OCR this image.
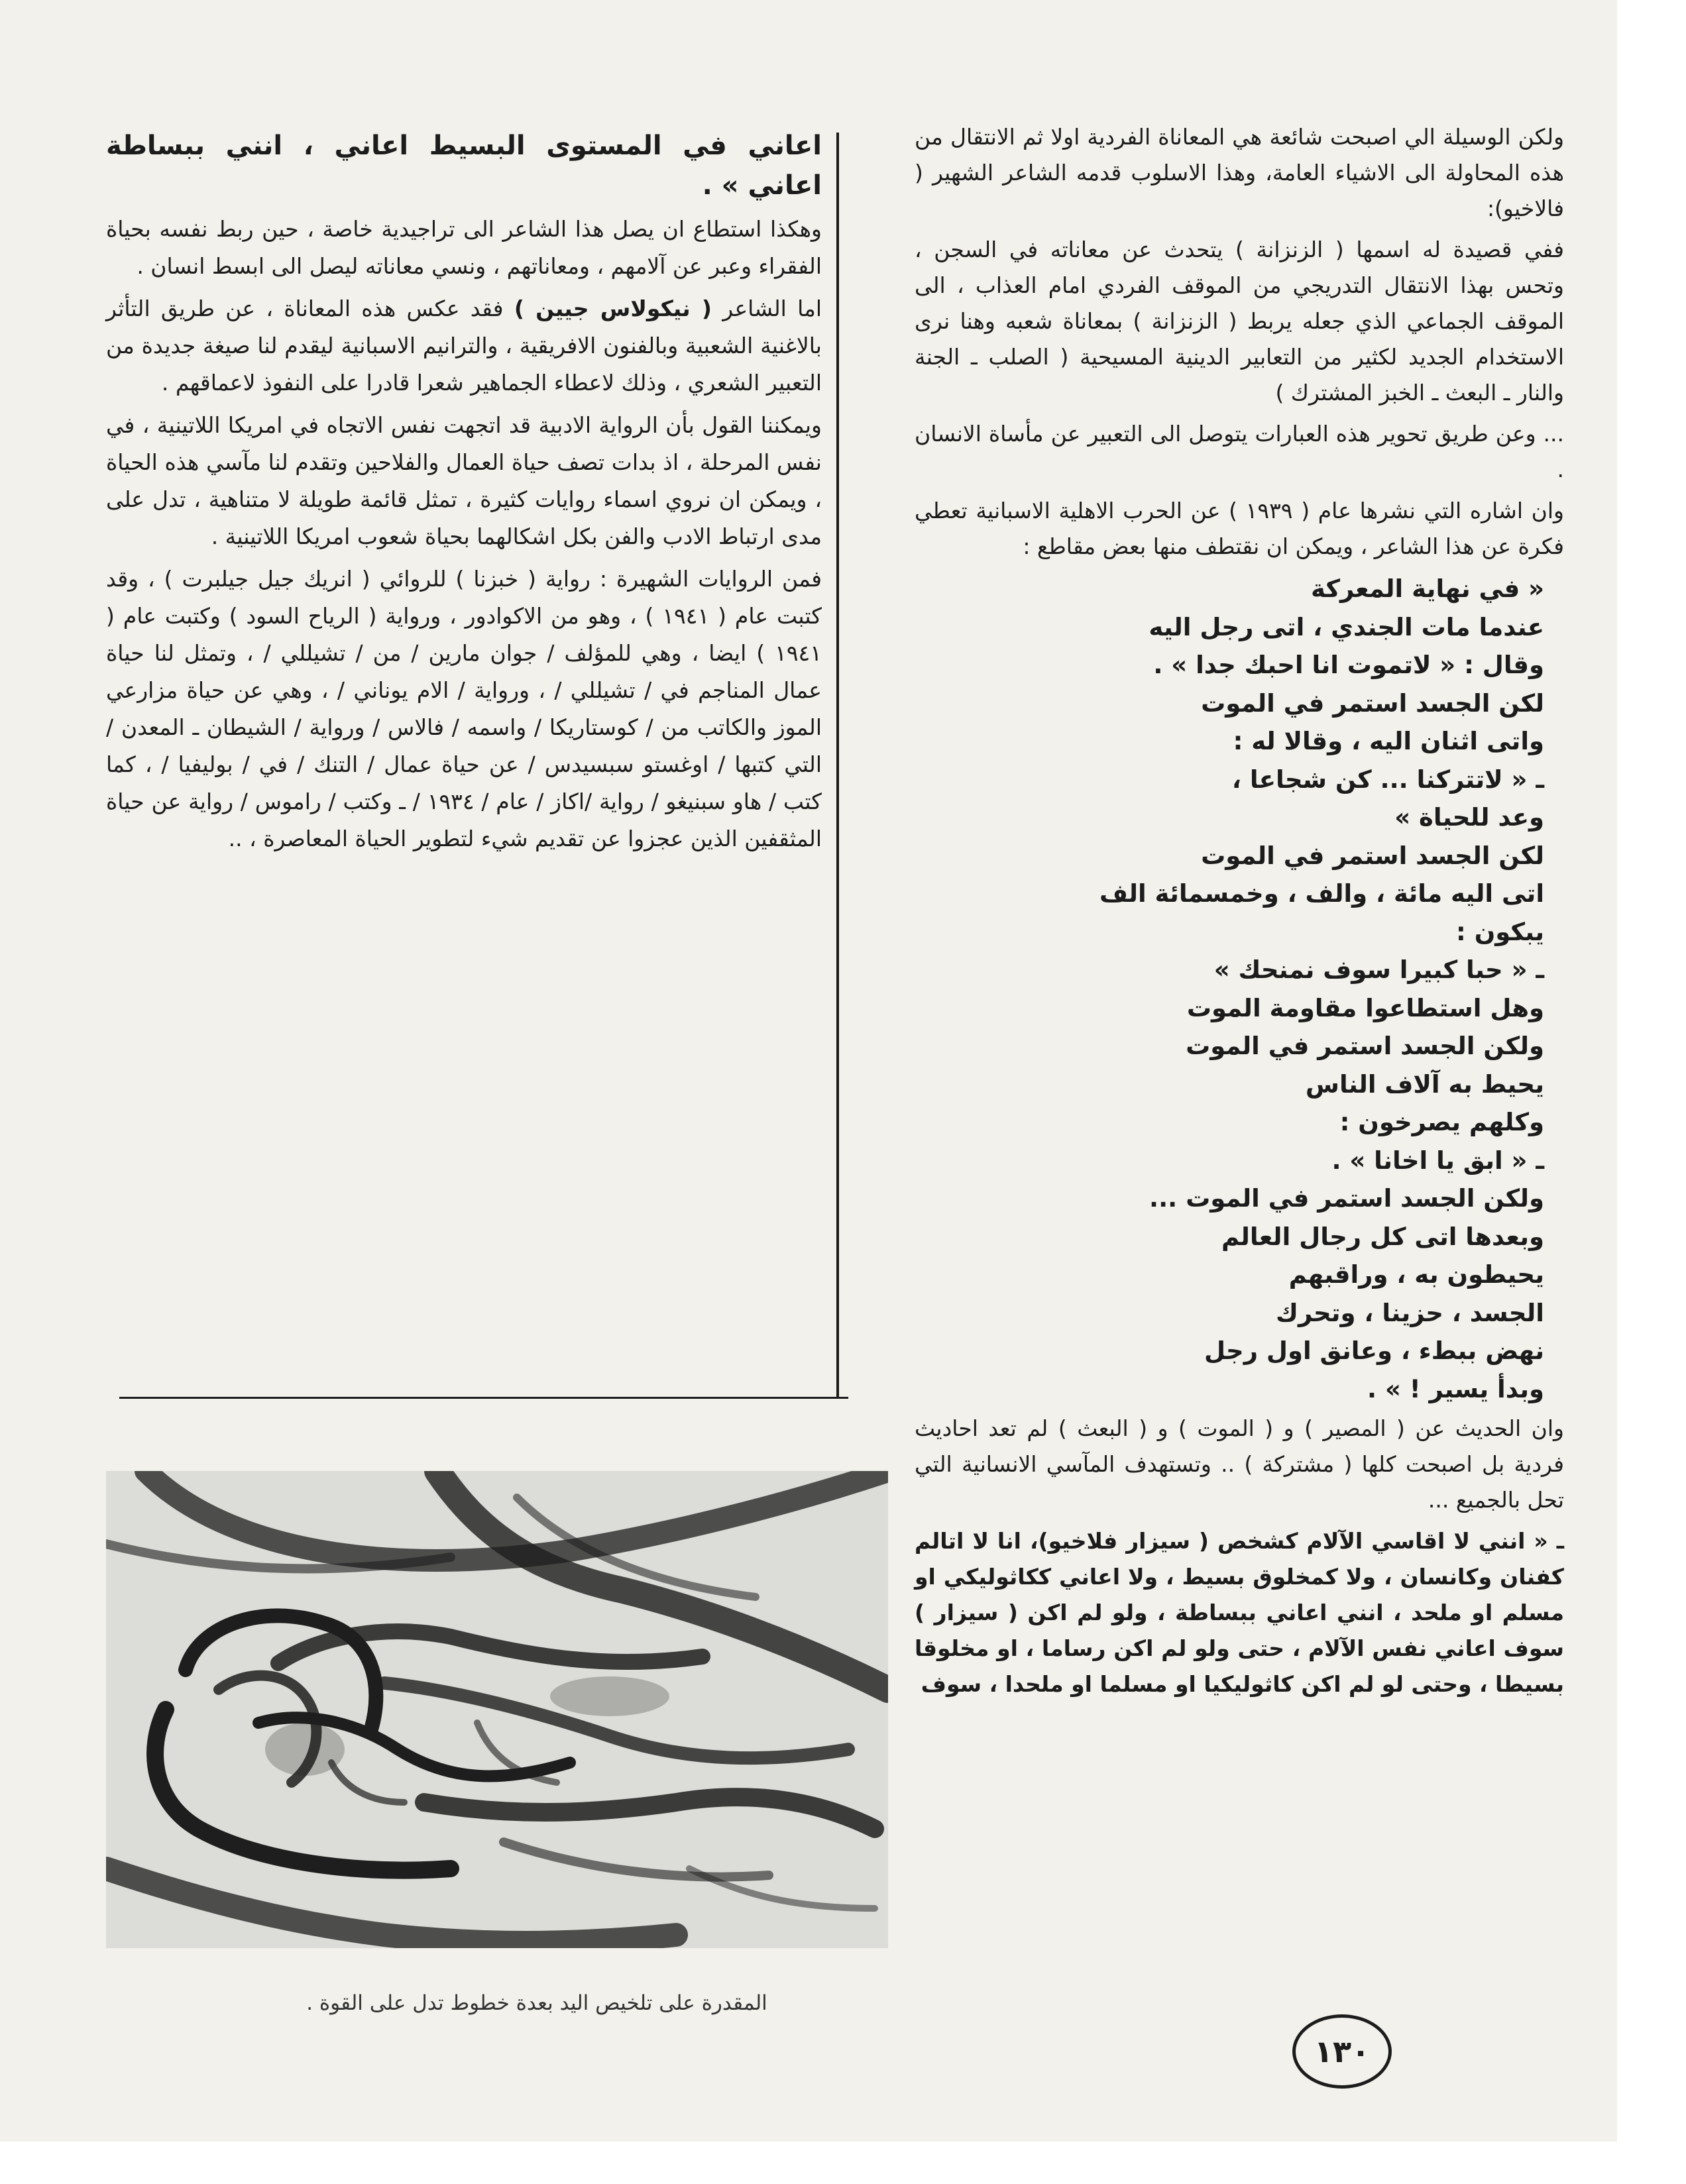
ولكن الوسيلة الي اصبحت شائعة هي المعاناة الفردية اولا ثم الانتقال من هذه المحاولة الى الاشياء العامة، وهذا الاسلوب قدمه الشاعر الشهير ( فالاخيو):

ففي قصيدة له اسمها ( الزنزانة ) يتحدث عن معاناته في السجن ، وتحس بهذا الانتقال التدريجي من الموقف الفردي امام العذاب ، الى الموقف الجماعي الذي جعله يربط ( الزنزانة ) بمعاناة شعبه وهنا نرى الاستخدام الجديد لكثير من التعابير الدينية المسيحية ( الصلب ـ الجنة والنار ـ البعث ـ الخبز المشترك )

... وعن طريق تحوير هذه العبارات يتوصل الى التعبير عن مأساة الانسان .

وان اشاره التي نشرها عام ( ١٩٣٩ ) عن الحرب الاهلية الاسبانية تعطي فكرة عن هذا الشاعر ، ويمكن ان نقتطف منها بعض مقاطع :

« في نهاية المعركة
عندما مات الجندي ، اتى رجل اليه
وقال : « لاتموت انا احبك جدا » .
لكن الجسد استمر في الموت
واتى اثنان اليه ، وقالا له :
ـ « لاتتركنا ... كن شجاعا ،
وعد للحياة »
لكن الجسد استمر في الموت
اتى اليه مائة ، والف ، وخمسمائة الف
يبكون :
ـ « حبا كبيرا سوف نمنحك »
وهل استطاعوا مقاومة الموت
ولكن الجسد استمر في الموت
يحيط به آلاف الناس
وكلهم يصرخون :
ـ « ابق يا اخانا » .
ولكن الجسد استمر في الموت ...
وبعدها اتى كل رجال العالم
يحيطون به ، وراقبهم
الجسد ، حزينا ، وتحرك
نهض ببطء ، وعانق اول رجل
وبدأ يسير ! » .

وان الحديث عن ( المصير ) و ( الموت ) و ( البعث ) لم تعد احاديث فردية بل اصبحت كلها ( مشتركة ) .. وتستهدف المآسي الانسانية التي تحل بالجميع ...

ـ « انني لا اقاسي الآلام كشخص ( سيزار فلاخيو)، انا لا اتالم كفنان وكانسان ، ولا كمخلوق بسيط ، ولا اعاني ككاثوليكي او مسلم او ملحد ، انني اعاني ببساطة ، ولو لم اكن ( سيزار ) سوف اعاني نفس الآلام ، حتى ولو لم اكن رساما ، او مخلوقا بسيطا ، وحتى لو لم اكن كاثوليكيا او مسلما او ملحدا ، سوف

اعاني في المستوى البسيط اعاني ، انني ببساطة اعاني » .

وهكذا استطاع ان يصل هذا الشاعر الى تراجيدية خاصة ، حين ربط نفسه بحياة الفقراء وعبر عن آلامهم ، ومعاناتهم ، ونسي معاناته ليصل الى ابسط انسان .

اما الشاعر ( نيكولاس جيين ) فقد عكس هذه المعاناة ، عن طريق التأثر بالاغنية الشعبية وبالفنون الافريقية ، والترانيم الاسبانية ليقدم لنا صيغة جديدة من التعبير الشعري ، وذلك لاعطاء الجماهير شعرا قادرا على النفوذ لاعماقهم .

ويمكننا القول بأن الرواية الادبية قد اتجهت نفس الاتجاه في امريكا اللاتينية ، في نفس المرحلة ، اذ بدات تصف حياة العمال والفلاحين وتقدم لنا مآسي هذه الحياة ، ويمكن ان نروي اسماء روايات كثيرة ، تمثل قائمة طويلة لا متناهية ، تدل على مدى ارتباط الادب والفن بكل اشكالهما بحياة شعوب امريكا اللاتينية .

فمن الروايات الشهيرة : رواية ( خبزنا ) للروائي ( انريك جيل جيلبرت ) ، وقد كتبت عام ( ١٩٤١ ) ، وهو من الاكوادور ، ورواية ( الرياح السود ) وكتبت عام ( ١٩٤١ ) ايضا ، وهي للمؤلف / جوان مارين / من / تشيللي / ، وتمثل لنا حياة عمال المناجم في / تشيللي / ، ورواية / الام يوناني / ، وهي عن حياة مزارعي الموز والكاتب من / كوستاريكا / واسمه / فالاس / ورواية / الشيطان ـ المعدن / التي كتبها / اوغستو سبسيدس / عن حياة عمال / التنك / في / بوليفيا / ، كما كتب / هاو سبنيغو / رواية /اكاز / عام / ١٩٣٤ / ـ وكتب / راموس / رواية عن حياة المثقفين الذين عجزوا عن تقديم شيء لتطوير الحياة المعاصرة ، ..

المقدرة على تلخيص اليد بعدة خطوط تدل على القوة .
١٣٠
